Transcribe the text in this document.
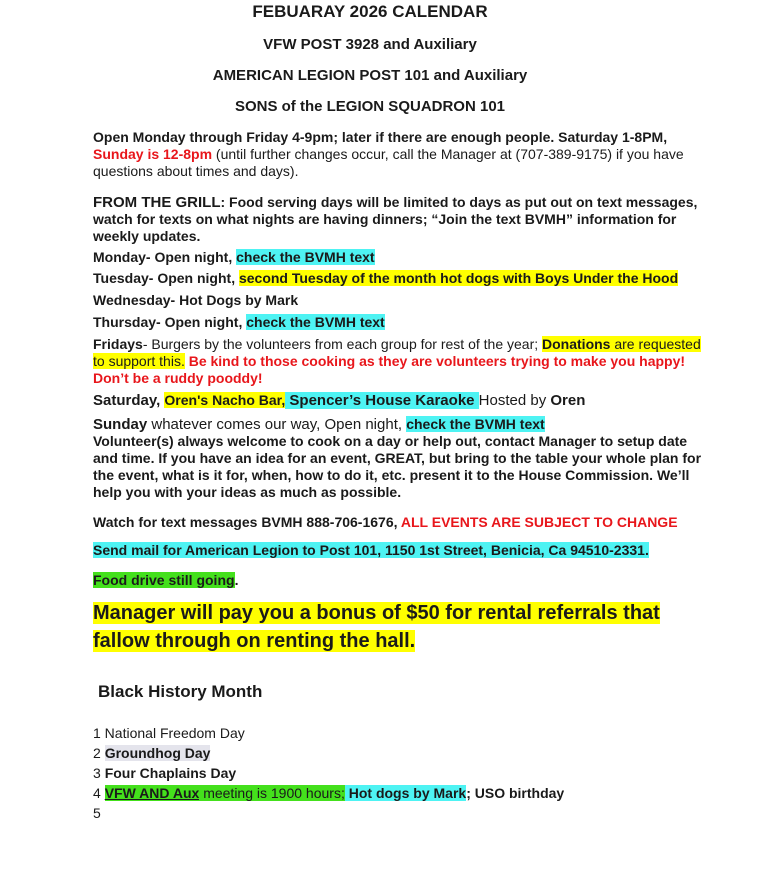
FEBUARAY 2026 CALENDAR
VFW POST 3928 and Auxiliary
AMERICAN LEGION POST 101 and Auxiliary
SONS of the LEGION SQUADRON 101
Open Monday through Friday 4-9pm; later if there are enough people. Saturday 1-8PM, Sunday is 12-8pm (until further changes occur, call the Manager at (707-389-9175) if you have questions about times and days).
FROM THE GRILL: Food serving days will be limited to days as put out on text messages, watch for texts on what nights are having dinners; “Join the text BVMH” information for weekly updates.
Monday- Open night, check the BVMH text
Tuesday- Open night, second Tuesday of the month hot dogs with Boys Under the Hood
Wednesday- Hot Dogs by Mark
Thursday- Open night, check the BVMH text
Fridays- Burgers by the volunteers from each group for rest of the year; Donations are requested to support this. Be kind to those cooking as they are volunteers trying to make you happy! Don’t be a ruddy pooddy!
Saturday, Oren's Nacho Bar, Spencer’s House Karaoke Hosted by Oren
Sunday whatever comes our way, Open night, check the BVMH text
Volunteer(s) always welcome to cook on a day or help out, contact Manager to setup date and time. If you have an idea for an event, GREAT, but bring to the table your whole plan for the event, what is it for, when, how to do it, etc. present it to the House Commission. We’ll help you with your ideas as much as possible.
Watch for text messages BVMH 888-706-1676, ALL EVENTS ARE SUBJECT TO CHANGE
Send mail for American Legion to Post 101, 1150 1st Street, Benicia, Ca 94510-2331.
Food drive still going.
Manager will pay you a bonus of $50 for rental referrals that fallow through on renting the hall.
Black History Month
1 National Freedom Day
2 Groundhog Day
3 Four Chaplains Day
4 VFW AND Aux meeting is 1900 hours; Hot dogs by Mark; USO birthday
5
